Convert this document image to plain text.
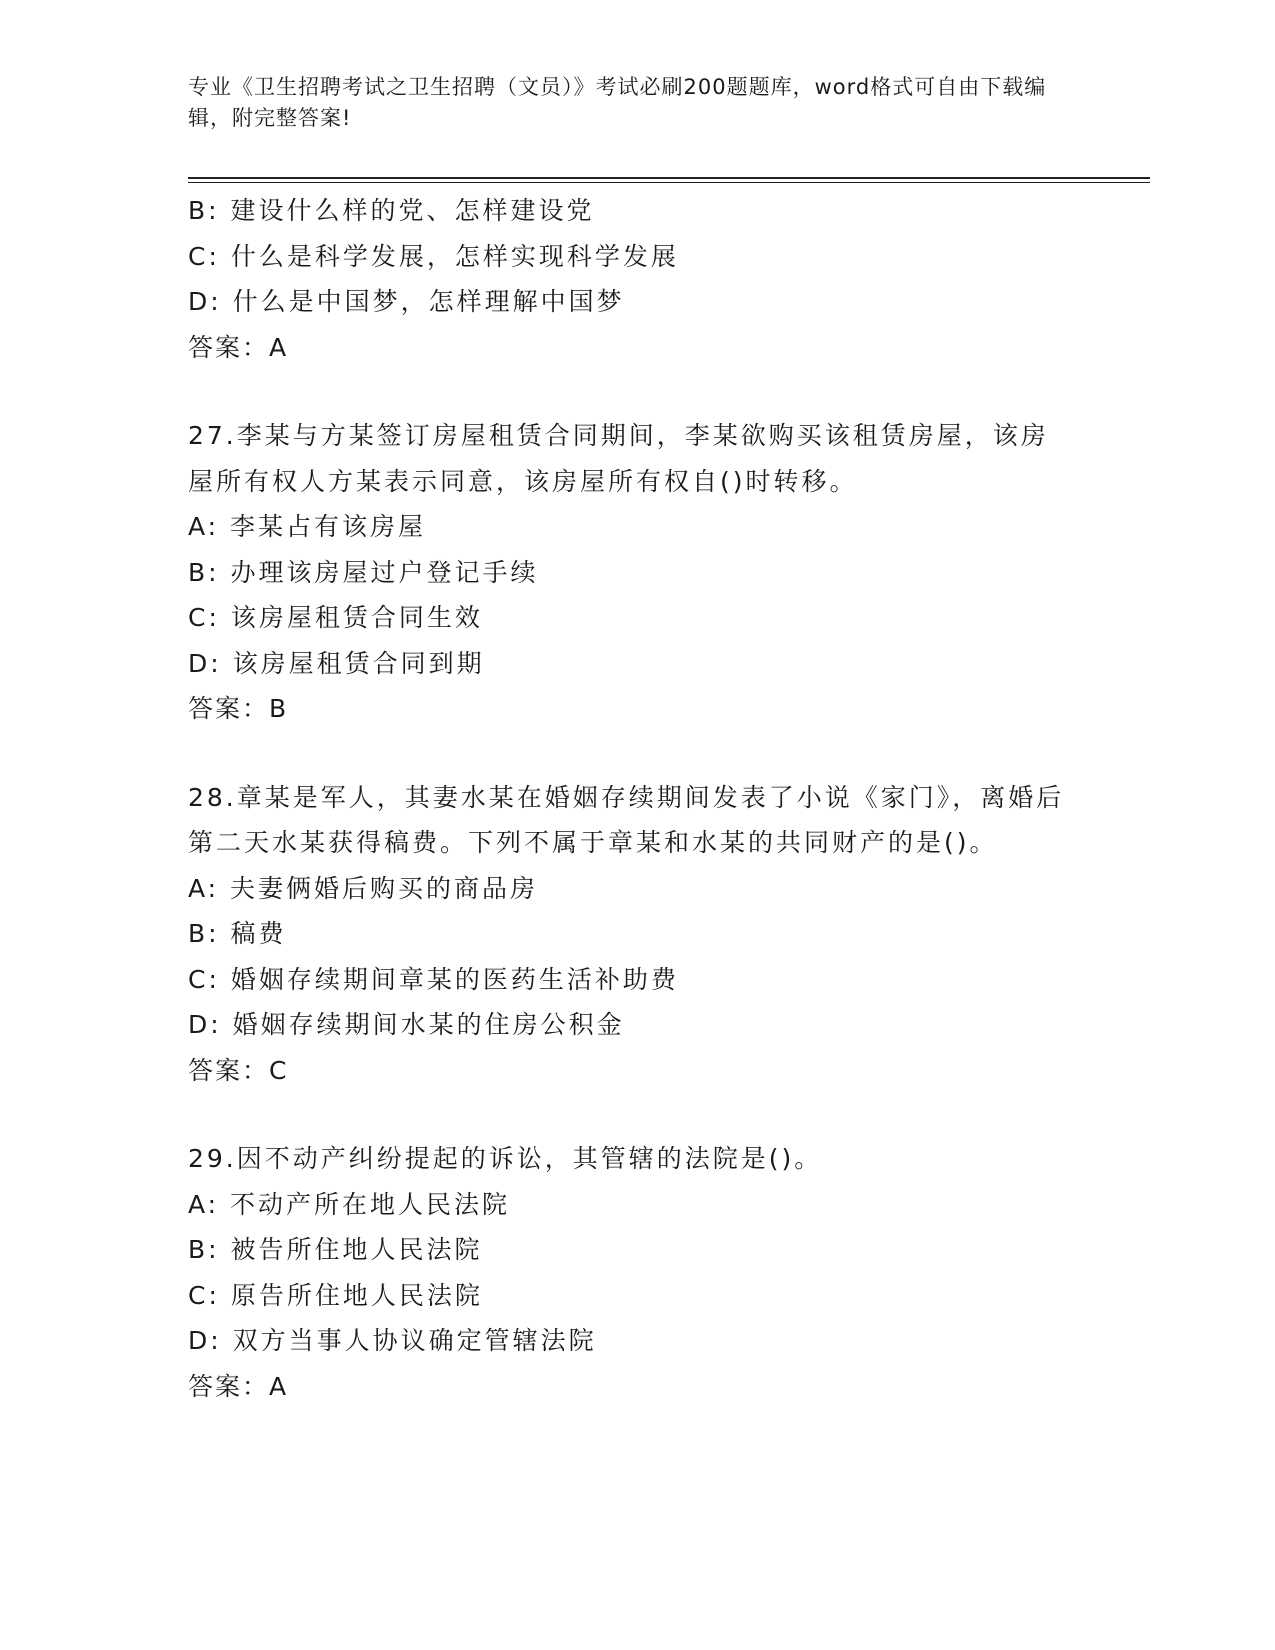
专业《卫生招聘考试之卫生招聘（文员）》考试必刷200题题库，word格式可自由下载编辑，附完整答案!
B: 建设什么样的党、怎样建设党
C: 什么是科学发展，怎样实现科学发展
D: 什么是中国梦，怎样理解中国梦
答案：A
27.李某与方某签订房屋租赁合同期间，李某欲购买该租赁房屋，该房屋所有权人方某表示同意，该房屋所有权自()时转移。
A: 李某占有该房屋
B: 办理该房屋过户登记手续
C: 该房屋租赁合同生效
D: 该房屋租赁合同到期
答案：B
28.章某是军人，其妻水某在婚姻存续期间发表了小说《家门》，离婚后第二天水某获得稿费。下列不属于章某和水某的共同财产的是()。
A: 夫妻俩婚后购买的商品房
B: 稿费
C: 婚姻存续期间章某的医药生活补助费
D: 婚姻存续期间水某的住房公积金
答案：C
29.因不动产纠纷提起的诉讼，其管辖的法院是()。
A: 不动产所在地人民法院
B: 被告所住地人民法院
C: 原告所住地人民法院
D: 双方当事人协议确定管辖法院
答案：A
